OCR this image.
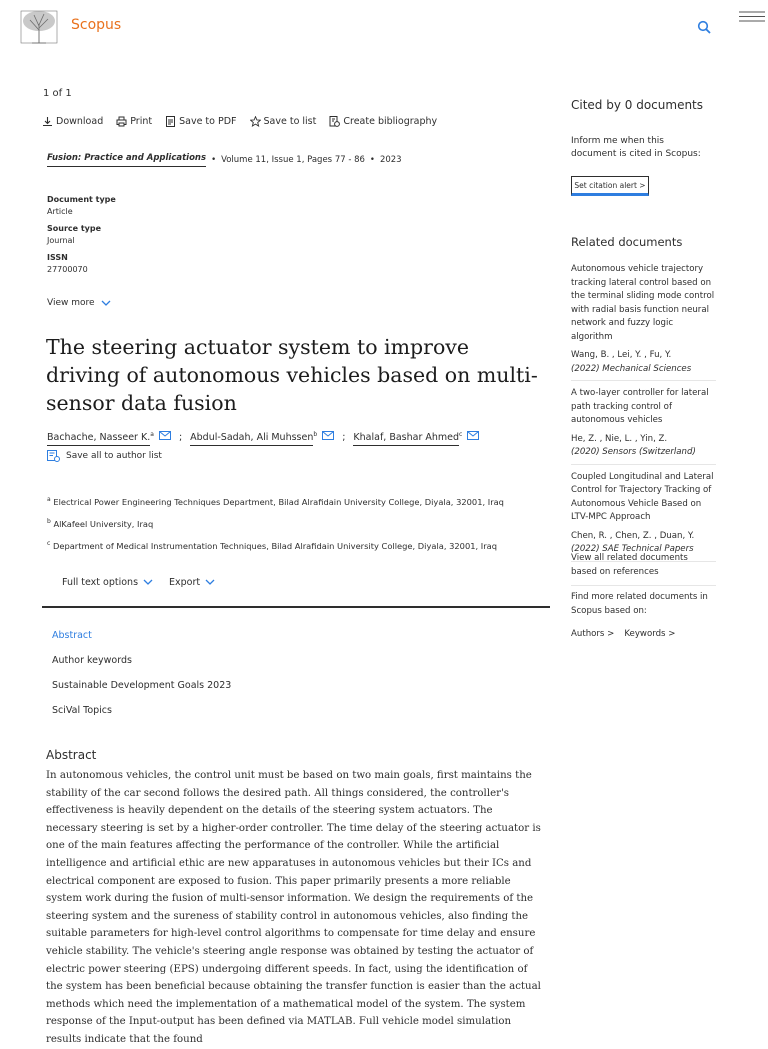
Scopus
1 of 1
Download	Print	Save to PDF	Save to list	Create bibliography
Fusion: Practice and Applications • Volume 11, Issue 1, Pages 77 - 86 • 2023
Document type
Article
Source type
Journal
ISSN
27700070
View more
The steering actuator system to improve driving of autonomous vehicles based on multi-sensor data fusion
Bachache, Nasseer K.$^a$	; Abdul-Sadah, Ali Muhssen$^b$	; Khalaf, Bashar Ahmed$^c$
Save all to author list
$^a$ Electrical Power Engineering Techniques Department, Bilad Alrafidain University College, Diyala, 32001, Iraq
$^b$ AlKafeel University, Iraq
$^c$ Department of Medical Instrumentation Techniques, Bilad Alrafidain University College, Diyala, 32001, Iraq
Full text options	Export
Abstract
Author keywords
Sustainable Development Goals 2023
SciVal Topics
Abstract
In autonomous vehicles, the control unit must be based on two main goals, first maintains the stability of the car second follows the desired path. All things considered, the controller's effectiveness is heavily dependent on the details of the steering system actuators. The necessary steering is set by a higher-order controller. The time delay of the steering actuator is one of the main features affecting the performance of the controller. While the artificial intelligence and artificial ethic are new apparatuses in autonomous vehicles but their ICs and electrical component are exposed to fusion. This paper primarily presents a more reliable system work during the fusion of multi-sensor information. We design the requirements of the steering system and the sureness of stability control in autonomous vehicles, also finding the suitable parameters for high-level control algorithms to compensate for time delay and ensure vehicle stability. The vehicle's steering angle response was obtained by testing the actuator of electric power steering (EPS) undergoing different speeds. In fact, using the identification of the system has been beneficial because obtaining the transfer function is easier than the actual methods which need the implementation of a mathematical model of the system. The system response of the Input-output has been defined via MATLAB. Full vehicle model simulation results indicate that the found
Cited by 0 documents
Inform me when this document is cited in Scopus:
Set citation alert >
Related documents
Autonomous vehicle trajectory tracking lateral control based on the terminal sliding mode control with radial basis function neural network and fuzzy logic algorithm
Wang, B. , Lei, Y. , Fu, Y.
(2022) Mechanical Sciences
A two-layer controller for lateral path tracking control of autonomous vehicles
He, Z. , Nie, L. , Yin, Z.
(2020) Sensors (Switzerland)
Coupled Longitudinal and Lateral Control for Trajectory Tracking of Autonomous Vehicle Based on LTV-MPC Approach
Chen, R. , Chen, Z. , Duan, Y.
(2022) SAE Technical Papers
View all related documents based on references
Find more related documents in Scopus based on:
Authors > Keywords >
